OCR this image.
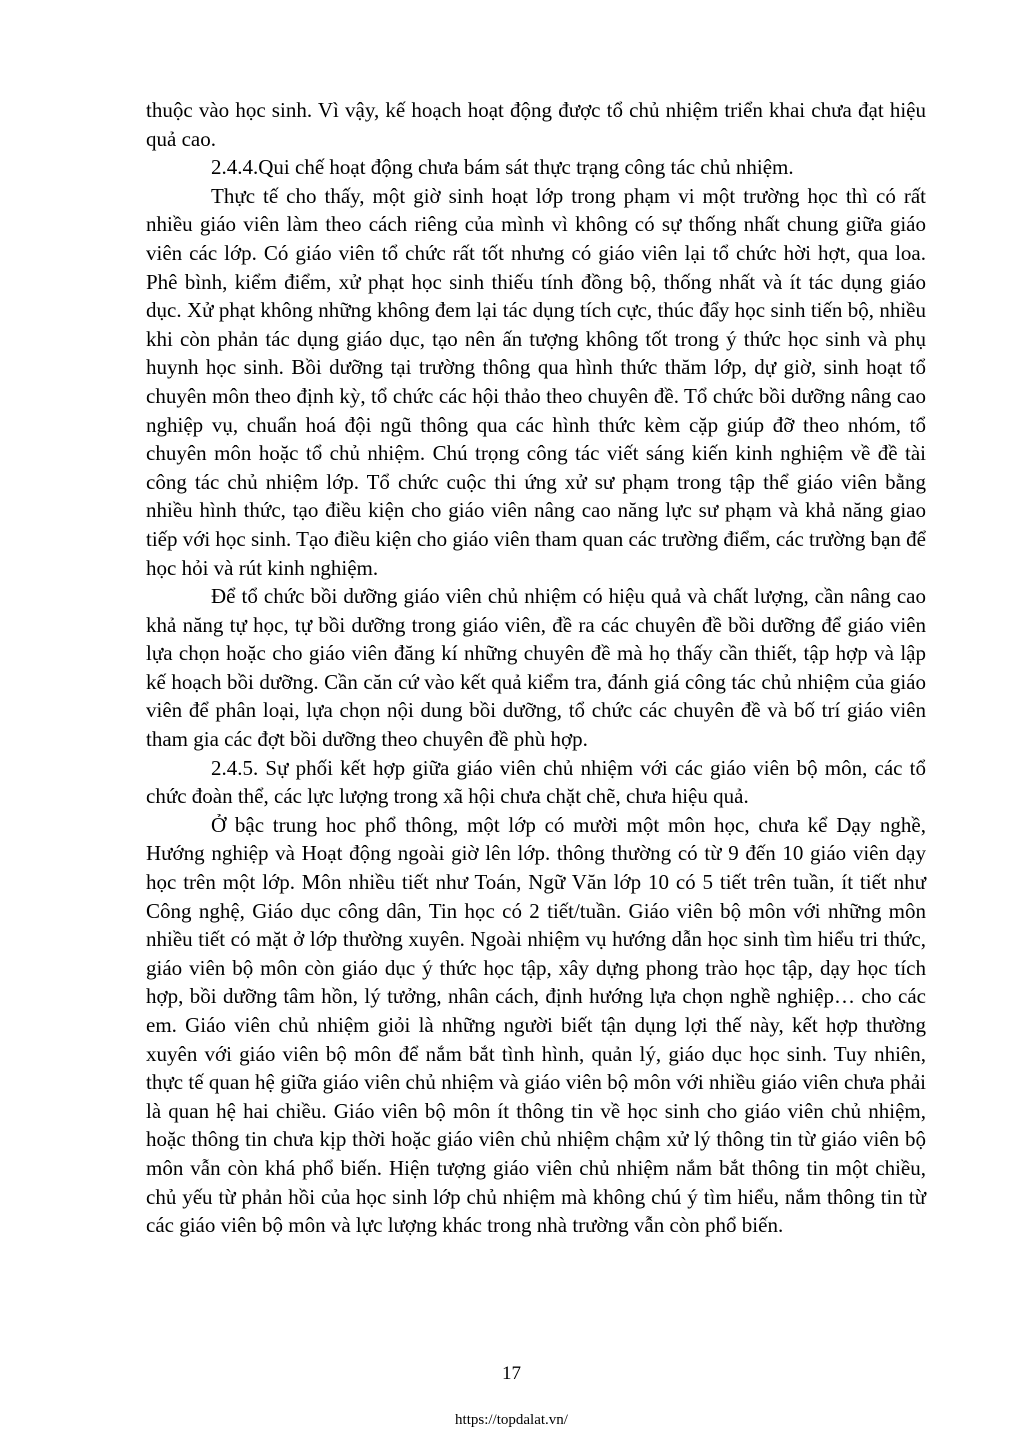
thuộc vào học sinh. Vì vậy, kế hoạch hoạt động được tổ chủ nhiệm triển khai chưa đạt hiệu quả cao.

2.4.4.Qui chế hoạt động chưa bám sát thực trạng công tác chủ nhiệm.

Thực tế cho thấy, một giờ sinh hoạt lớp trong phạm vi một trường học thì có rất nhiều giáo viên làm theo cách riêng của mình vì không có sự thống nhất chung giữa giáo viên các lớp. Có giáo viên tổ chức rất tốt nhưng có giáo viên lại tổ chức hời hợt, qua loa. Phê bình, kiểm điểm, xử phạt học sinh thiếu tính đồng bộ, thống nhất và ít tác dụng giáo dục. Xử phạt không những không đem lại tác dụng tích cực, thúc đẩy học sinh tiến bộ, nhiều khi còn phản tác dụng giáo dục, tạo nên ấn tượng không tốt trong ý thức học sinh và phụ huynh học sinh. Bồi dưỡng tại trường thông qua hình thức thăm lớp, dự giờ, sinh hoạt tổ chuyên môn theo định kỳ, tổ chức các hội thảo theo chuyên đề. Tổ chức bồi dưỡng nâng cao nghiệp vụ, chuẩn hoá đội ngũ thông qua các hình thức kèm cặp giúp đỡ theo nhóm, tổ chuyên môn hoặc tổ chủ nhiệm. Chú trọng công tác viết sáng kiến kinh nghiệm về đề tài công tác chủ nhiệm lớp. Tổ chức cuộc thi ứng xử sư phạm trong tập thể giáo viên bằng nhiều hình thức, tạo điều kiện cho giáo viên nâng cao năng lực sư phạm và khả năng giao tiếp với học sinh. Tạo điều kiện cho giáo viên tham quan các trường điểm, các trường bạn để học hỏi và rút kinh nghiệm.

Để tổ chức bồi dưỡng giáo viên chủ nhiệm có hiệu quả và chất lượng, cần nâng cao khả năng tự học, tự bồi dưỡng trong giáo viên, đề ra các chuyên đề bồi dưỡng để giáo viên lựa chọn hoặc cho giáo viên đăng kí những chuyên đề mà họ thấy cần thiết, tập hợp và lập kế hoạch bồi dưỡng. Cần căn cứ vào kết quả kiểm tra, đánh giá công tác chủ nhiệm của giáo viên để phân loại, lựa chọn nội dung bồi dưỡng, tổ chức các chuyên đề và bố trí giáo viên tham gia các đợt bồi dưỡng theo chuyên đề phù hợp.

2.4.5. Sự phối kết hợp giữa giáo viên chủ nhiệm với các giáo viên bộ môn, các tổ chức đoàn thể, các lực lượng trong xã hội chưa chặt chẽ, chưa hiệu quả.

Ở bậc trung hoc phổ thông, một lớp có mười một môn học, chưa kể Dạy nghề, Hướng nghiệp và Hoạt động ngoài giờ lên lớp. thông thường có từ 9 đến 10 giáo viên dạy học trên một lớp. Môn nhiều tiết như Toán, Ngữ Văn lớp 10 có 5 tiết trên tuần, ít tiết như Công nghệ, Giáo dục công dân, Tin học có 2 tiết/tuần. Giáo viên bộ môn với những môn nhiều tiết có mặt ở lớp thường xuyên. Ngoài nhiệm vụ hướng dẫn học sinh tìm hiểu tri thức, giáo viên bộ môn còn giáo dục ý thức học tập, xây dựng phong trào học tập, dạy học tích hợp, bồi dưỡng tâm hồn, lý tưởng, nhân cách, định hướng lựa chọn nghề nghiệp… cho các em. Giáo viên chủ nhiệm giỏi là những người biết tận dụng lợi thế này, kết hợp thường xuyên với giáo viên bộ môn để nắm bắt tình hình, quản lý, giáo dục học sinh. Tuy nhiên, thực tế quan hệ giữa giáo viên chủ nhiệm và giáo viên bộ môn với nhiều giáo viên chưa phải là quan hệ hai chiều. Giáo viên bộ môn ít thông tin về học sinh cho giáo viên chủ nhiệm, hoặc thông tin chưa kịp thời hoặc giáo viên chủ nhiệm chậm xử lý thông tin từ giáo viên bộ môn vẫn còn khá phổ biến. Hiện tượng giáo viên chủ nhiệm nắm bắt thông tin một chiều, chủ yếu từ phản hồi của học sinh lớp chủ nhiệm mà không chú ý tìm hiểu, nắm thông tin từ các giáo viên bộ môn và lực lượng khác trong nhà trường vẫn còn phổ biến.

17
https://topdalat.vn/
